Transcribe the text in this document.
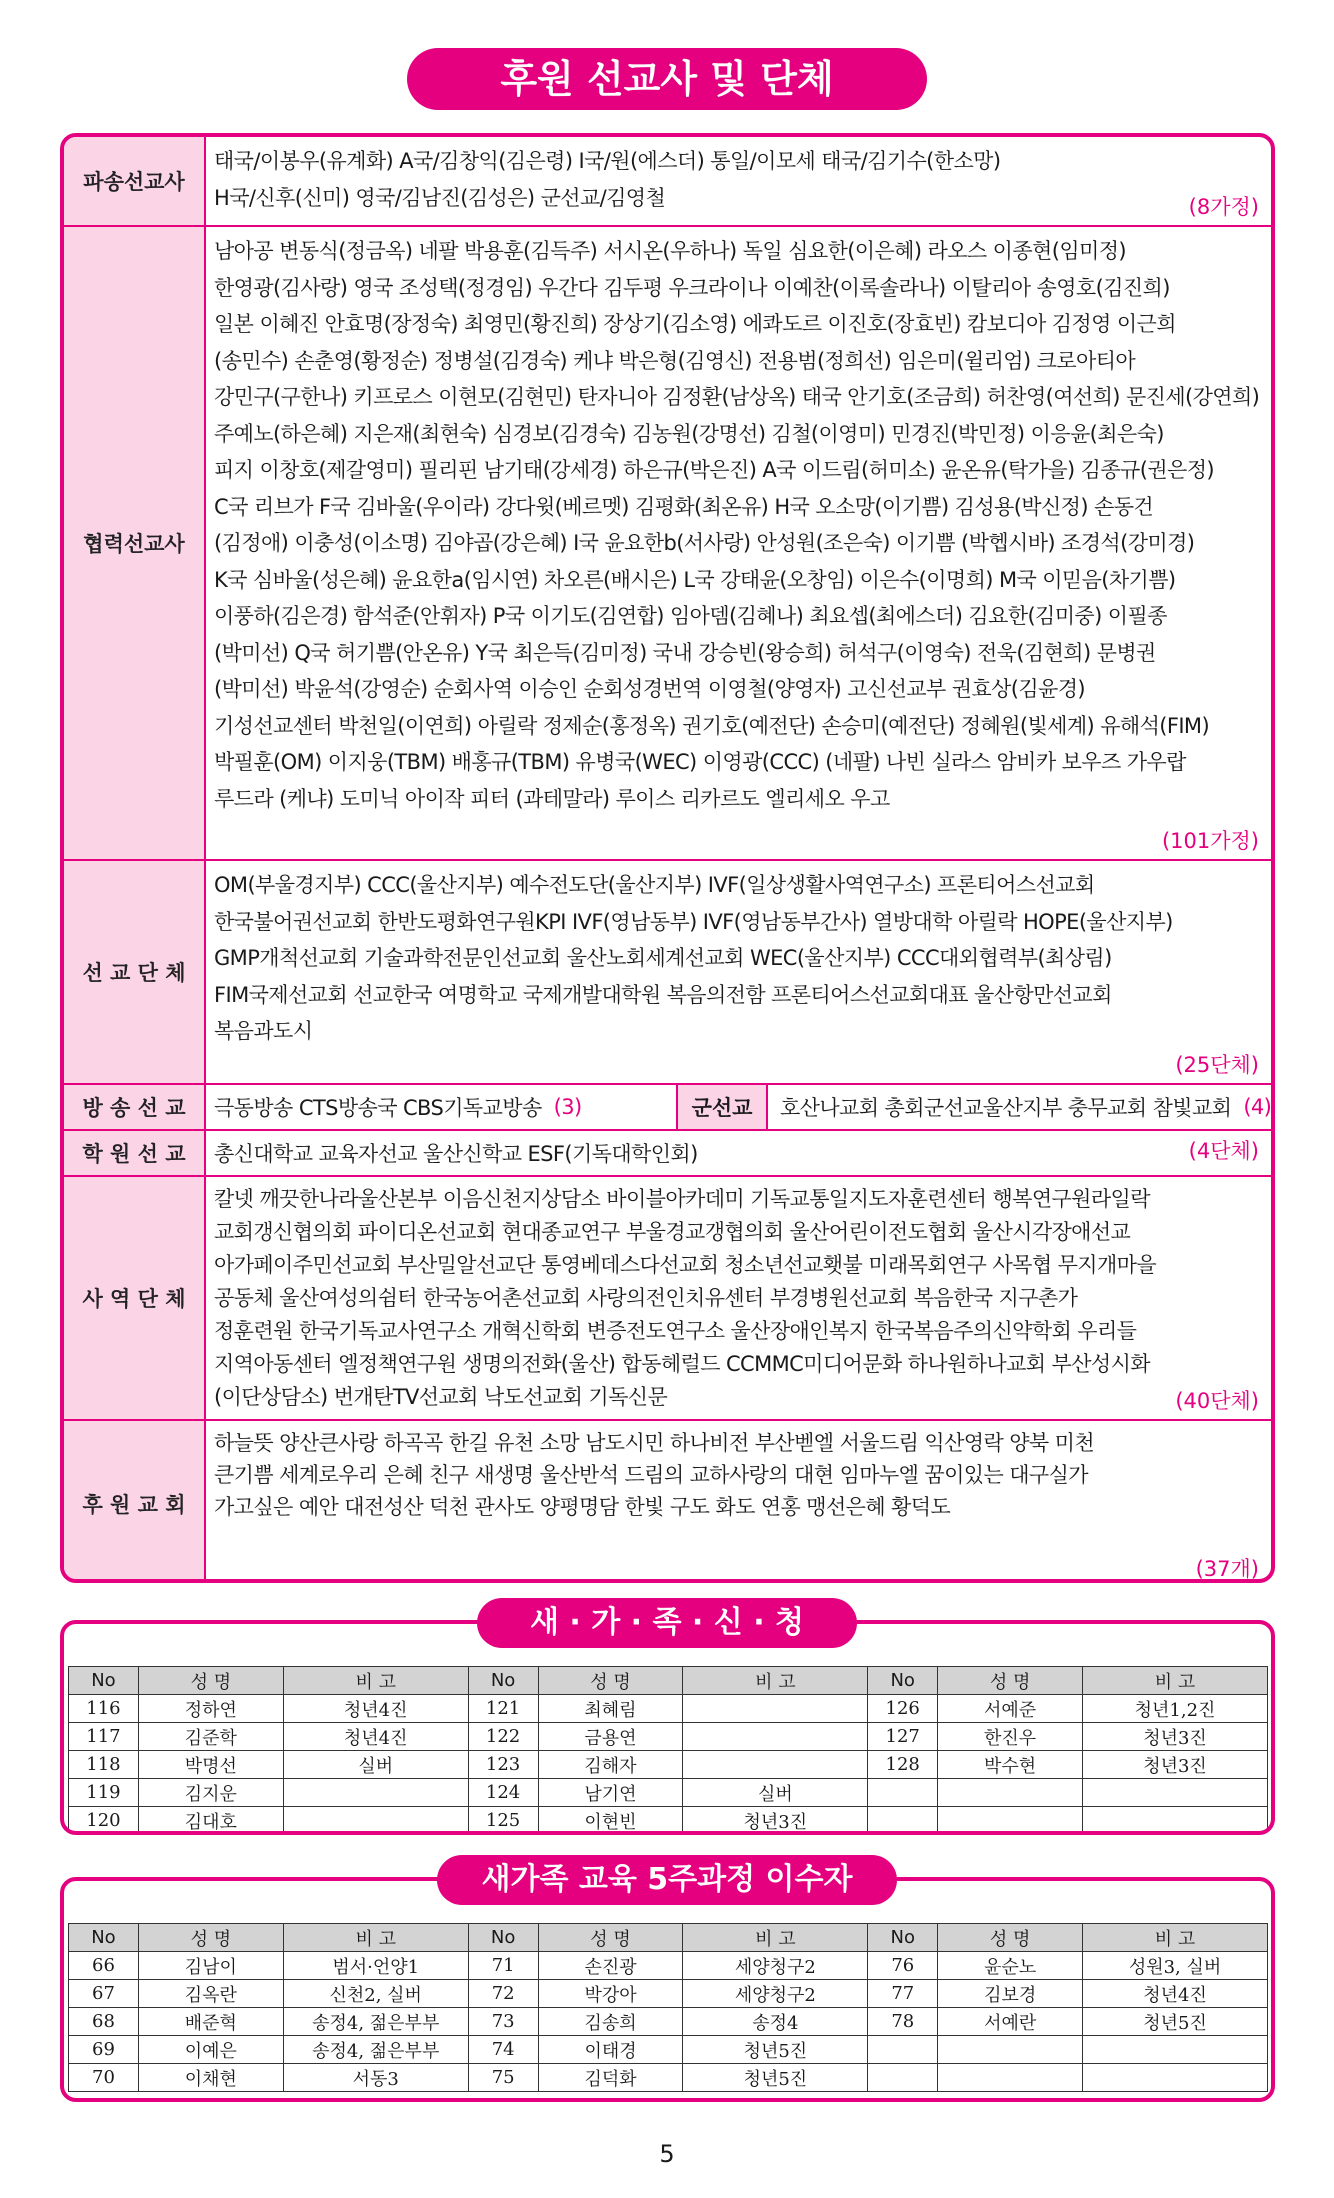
후원 선교사 및 단체
파송선교사
태국/이봉우(유계화) A국/김창익(김은령) I국/원(에스더) 통일/이모세 태국/김기수(한소망)
H국/신후(신미) 영국/김남진(김성은) 군선교/김영철	(8가정)
협력선교사
남아공 변동식(정금옥) 네팔 박용훈(김득주) 서시온(우하나) 독일 심요한(이은혜) 라오스 이종현(임미정)
한영광(김사랑) 영국 조성택(정경임) 우간다 김두평 우크라이나 이예찬(이록솔라나) 이탈리아 송영호(김진희)
일본 이혜진 안효명(장정숙) 최영민(황진희) 장상기(김소영) 에콰도르 이진호(장효빈) 캄보디아 김정영 이근희
(송민수) 손춘영(황정순) 정병설(김경숙) 케냐 박은형(김영신) 전용범(정희선) 임은미(윌리엄) 크로아티아
강민구(구한나) 키프로스 이현모(김현민) 탄자니아 김정환(남상옥) 태국 안기호(조금희) 허찬영(여선희) 문진세(강연희)
주예노(하은혜) 지은재(최현숙) 심경보(김경숙) 김농원(강명선) 김철(이영미) 민경진(박민정) 이응윤(최은숙)
피지 이창호(제갈영미) 필리핀 남기태(강세경) 하은규(박은진) A국 이드림(허미소) 윤온유(탁가을) 김종규(권은정)
C국 리브가 F국 김바울(우이라) 강다윗(베르멧) 김평화(최온유) H국 오소망(이기쁨) 김성용(박신정) 손동건
(김정애) 이충성(이소명) 김야곱(강은혜) I국 윤요한b(서사랑) 안성원(조은숙) 이기쁨 (박헵시바) 조경석(강미경)
K국 심바울(성은혜) 윤요한a(임시연) 차오른(배시은) L국 강태윤(오창임) 이은수(이명희) M국 이믿음(차기쁨)
이풍하(김은경) 함석준(안휘자) P국 이기도(김연합) 임아뎀(김혜나) 최요셉(최에스더) 김요한(김미중) 이필종
(박미선) Q국 허기쁨(안온유) Y국 최은득(김미정) 국내 강승빈(왕승희) 허석구(이영숙) 전욱(김현희) 문병권
(박미선) 박윤석(강영순) 순회사역 이승인 순회성경번역 이영철(양영자) 고신선교부 권효상(김윤경)
기성선교센터 박천일(이연희) 아릴락 정제순(홍정옥) 권기호(예전단) 손승미(예전단) 정혜원(빛세계) 유해석(FIM)
박필훈(OM) 이지웅(TBM) 배홍규(TBM) 유병국(WEC) 이영광(CCC) (네팔) 나빈 실라스 암비카 보우즈 가우랍
루드라 (케냐) 도미닉 아이작 피터 (과테말라) 루이스 리카르도 엘리세오 우고
(101가정)
선 교 단 체
OM(부울경지부) CCC(울산지부) 예수전도단(울산지부) IVF(일상생활사역연구소) 프론티어스선교회
한국불어권선교회 한반도평화연구원KPI IVF(영남동부) IVF(영남동부간사) 열방대학 아릴락 HOPE(울산지부)
GMP개척선교회 기술과학전문인선교회 울산노회세계선교회 WEC(울산지부) CCC대외협력부(최상림)
FIM국제선교회 선교한국 여명학교 국제개발대학원 복음의전함 프론티어스선교회대표 울산항만선교회
복음과도시
(25단체)
방 송 선 교	극동방송 CTS방송국 CBS기독교방송 (3)	군선교	호산나교회 총회군선교울산지부 충무교회 참빛교회 (4)
학 원 선 교	총신대학교 교육자선교 울산신학교 ESF(기독대학인회)	(4단체)
사 역 단 체
칼넷 깨끗한나라울산본부 이음신천지상담소 바이블아카데미 기독교통일지도자훈련센터 행복연구원라일락
교회갱신협의회 파이디온선교회 현대종교연구 부울경교갱협의회 울산어린이전도협회 울산시각장애선교
아가페이주민선교회 부산밀알선교단 통영베데스다선교회 청소년선교횃불 미래목회연구 사목협 무지개마을
공동체 울산여성의쉼터 한국농어촌선교회 사랑의전인치유센터 부경병원선교회 복음한국 지구촌가
정훈련원 한국기독교사연구소 개혁신학회 변증전도연구소 울산장애인복지 한국복음주의신약학회 우리들
지역아동센터 엘정책연구원 생명의전화(울산) 합동헤럴드 CCMMC미디어문화 하나원하나교회 부산성시화
(이단상담소) 번개탄TV선교회 낙도선교회 기독신문	(40단체)
후 원 교 회
하늘뜻 양산큰사랑 하곡곡 한길 유천 소망 남도시민 하나비전 부산벧엘 서울드림 익산영락 양북 미천
큰기쁨 세계로우리 은혜 친구 새생명 울산반석 드림의 교하사랑의 대현 임마누엘 꿈이있는 대구실가
가고싶은 예안 대전성산 덕천 관사도 양평명담 한빛 구도 화도 연홍 맹선은혜 황덕도
(37개)
No	성 명	비 고	No	성 명	비 고	No	성 명	비 고
116	정하연	청년4진	121	최혜림		126	서예준	청년1,2진
117	김준학	청년4진	122	금용연		127	한진우	청년3진
118	박명선	실버	123	김해자		128	박수현	청년3진
119	김지운		124	남기연	실버			
120	김대호		125	이현빈	청년3진			
새 · 가 · 족 · 신 · 청
No	성 명	비 고	No	성 명	비 고	No	성 명	비 고
66	김남이	범서·언양1	71	손진광	세양청구2	76	윤순노	성원3, 실버
67	김옥란	신천2, 실버	72	박강아	세양청구2	77	김보경	청년4진
68	배준혁	송정4, 젊은부부	73	김송희	송정4	78	서예란	청년5진
69	이예은	송정4, 젊은부부	74	이태경	청년5진			
70	이채현	서동3	75	김덕화	청년5진			
새가족 교육 5주과정 이수자
5
